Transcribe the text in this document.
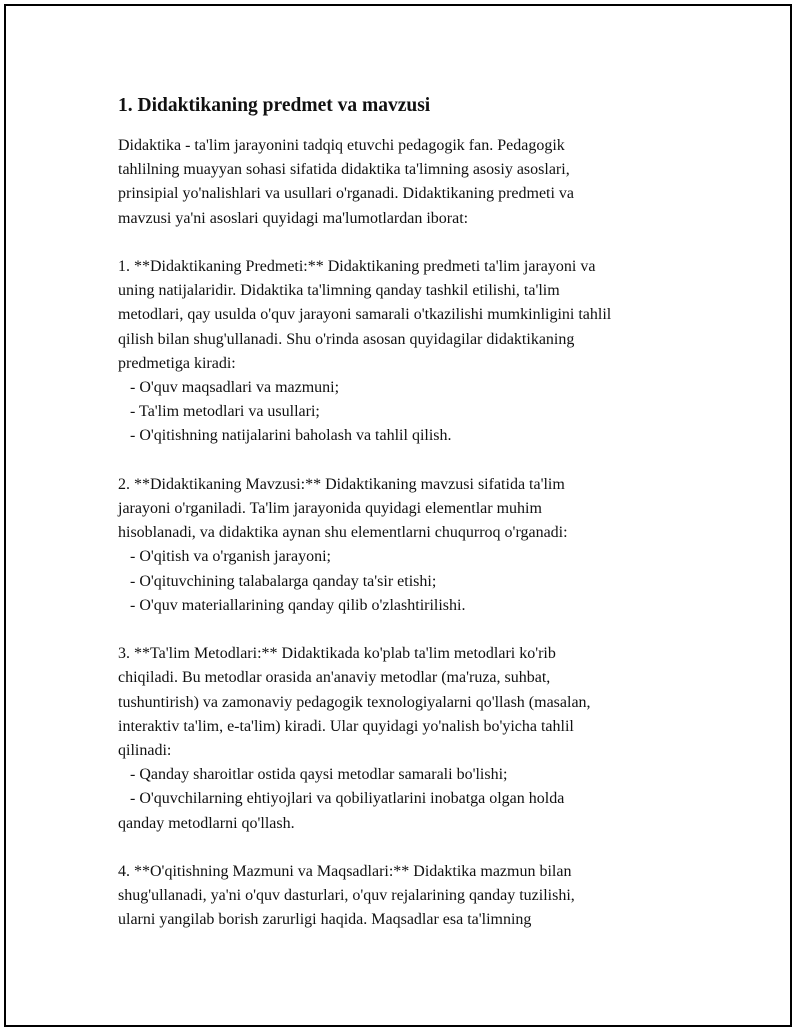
1. Didaktikaning predmet va mavzusi

Didaktika - ta'lim jarayonini tadqiq etuvchi pedagogik fan. Pedagogik

tahlilning muayyan sohasi sifatida didaktika ta'limning asosiy asoslari,

prinsipial yo'nalishlari va usullari o'rganadi. Didaktikaning predmeti va

mavzusi ya'ni asoslari quyidagi ma'lumotlardan iborat:

1. **Didaktikaning Predmeti:** Didaktikaning predmeti ta'lim jarayoni va

uning natijalaridir. Didaktika ta'limning qanday tashkil etilishi, ta'lim

metodlari, qay usulda o'quv jarayoni samarali o'tkazilishi mumkinligini tahlil

qilish bilan shug'ullanadi. Shu o'rinda asosan quyidagilar didaktikaning

predmetiga kiradi:

- O'quv maqsadlari va mazmuni;

- Ta'lim metodlari va usullari;

- O'qitishning natijalarini baholash va tahlil qilish.

2. **Didaktikaning Mavzusi:** Didaktikaning mavzusi sifatida ta'lim

jarayoni o'rganiladi. Ta'lim jarayonida quyidagi elementlar muhim

hisoblanadi, va didaktika aynan shu elementlarni chuqurroq o'rganadi:

- O'qitish va o'rganish jarayoni;

- O'qituvchining talabalarga qanday ta'sir etishi;

- O'quv materiallarining qanday qilib o'zlashtirilishi.

3. **Ta'lim Metodlari:** Didaktikada ko'plab ta'lim metodlari ko'rib

chiqiladi. Bu metodlar orasida an'anaviy metodlar (ma'ruza, suhbat,

tushuntirish) va zamonaviy pedagogik texnologiyalarni qo'llash (masalan,

interaktiv ta'lim, e-ta'lim) kiradi. Ular quyidagi yo'nalish bo'yicha tahlil

qilinadi:

- Qanday sharoitlar ostida qaysi metodlar samarali bo'lishi;

- O'quvchilarning ehtiyojlari va qobiliyatlarini inobatga olgan holda

qanday metodlarni qo'llash.

4. **O'qitishning Mazmuni va Maqsadlari:** Didaktika mazmun bilan

shug'ullanadi, ya'ni o'quv dasturlari, o'quv rejalarining qanday tuzilishi,

ularni yangilab borish zarurligi haqida. Maqsadlar esa ta'limning
